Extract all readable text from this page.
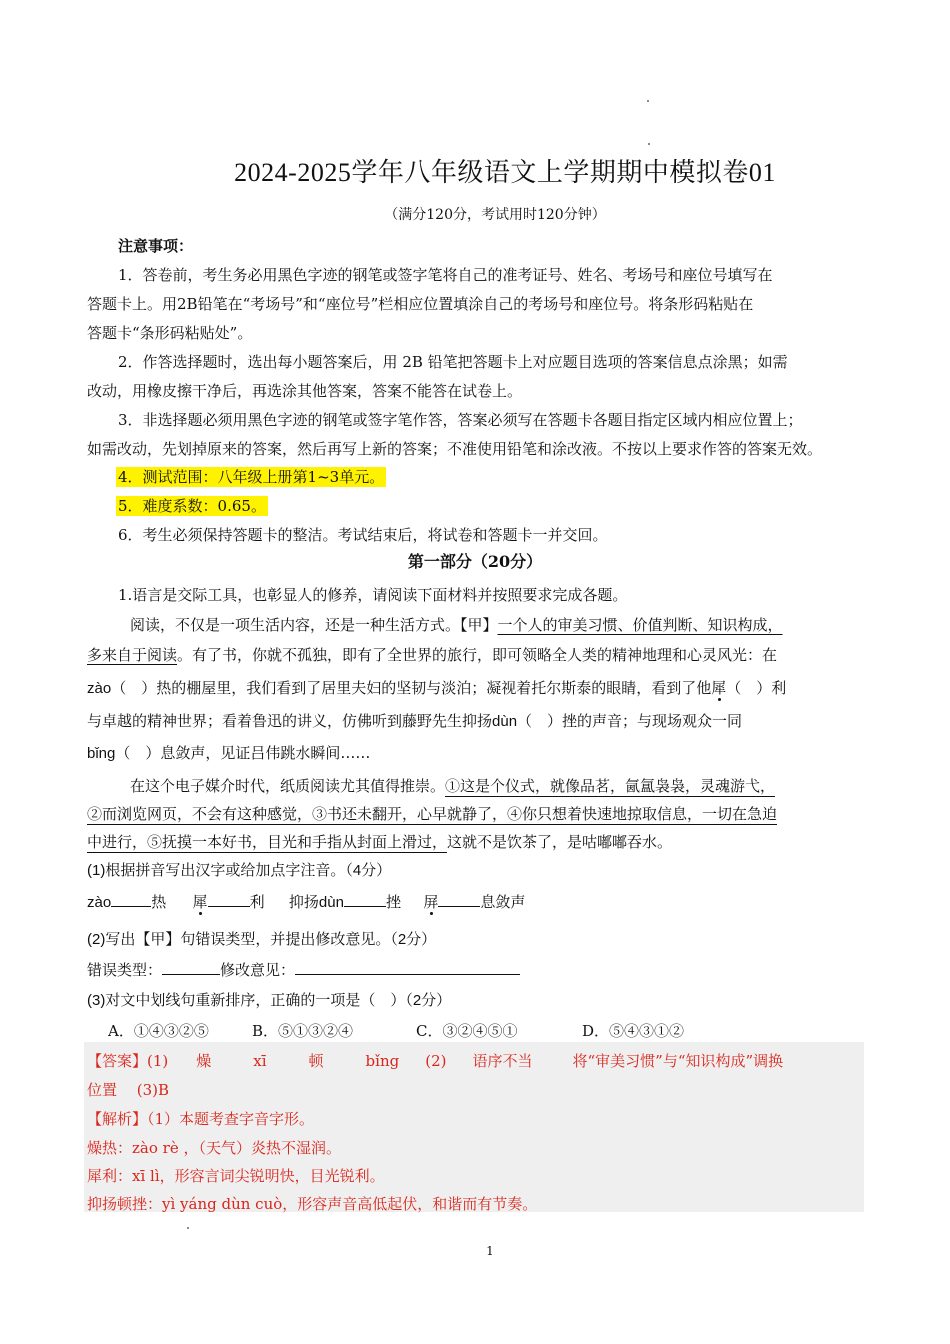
2024-2025学年八年级语文上学期期中模拟卷01
（满分120分，考试用时120分钟）
注意事项：
1．答卷前，考生务必用黑色字迹的钢笔或签字笔将自己的准考证号、姓名、考场号和座位号填写在
答题卡上。用2B铅笔在“考场号”和“座位号”栏相应位置填涂自己的考场号和座位号。将条形码粘贴在
答题卡“条形码粘贴处”。
2．作答选择题时，选出每小题答案后，用 2B 铅笔把答题卡上对应题目选项的答案信息点涂黑；如需
改动，用橡皮擦干净后，再选涂其他答案，答案不能答在试卷上。
3．非选择题必须用黑色字迹的钢笔或签字笔作答，答案必须写在答题卡各题目指定区域内相应位置上；
如需改动，先划掉原来的答案，然后再写上新的答案；不准使用铅笔和涂改液。不按以上要求作答的答案无效。
4．测试范围：八年级上册第1~3单元。
5．难度系数：0.65。
6．考生必须保持答题卡的整洁。考试结束后，将试卷和答题卡一并交回。
第一部分（20分）
1.语言是交际工具，也彰显人的修养，请阅读下面材料并按照要求完成各题。
阅读，不仅是一项生活内容，还是一种生活方式。【甲】一个人的审美习惯、价值判断、知识构成，
多来自于阅读。有了书，你就不孤独，即有了全世界的旅行，即可领略全人类的精神地理和心灵风光：在
zào（　）热的棚屋里，我们看到了居里夫妇的坚韧与淡泊；凝视着托尔斯泰的眼睛，看到了他犀（　）利
与卓越的精神世界；看着鲁迅的讲义，仿佛听到藤野先生抑扬dùn（　）挫的声音；与现场观众一同
bǐng（　）息敛声，见证吕伟跳水瞬间……
在这个电子媒介时代，纸质阅读尤其值得推崇。①这是个仪式，就像品茗，氤氲袅袅，灵魂游弋，
②而浏览网页，不会有这种感觉，③书还未翻开，心早就静了，④你只想着快速地掠取信息，一切在急迫
中进行，⑤抚摸一本好书，目光和手指从封面上滑过，这就不是饮茶了，是咕嘟嘟吞水。
(1)根据拼音写出汉字或给加点字注音。（4分）
zào	热 犀	利 抑扬dùn	挫 屏	息敛声
(2)写出【甲】句错误类型，并提出修改意见。（2分）
错误类型：	修改意见：
(3)对文中划线句重新排序，正确的一项是（　）（2分）
A．①④③②⑤	B．⑤①③②④	C．③②④⑤①	D．⑤④③①②
【答案】(1) 燥	xī	顿	bǐng (2) 语序不当	将“审美习惯”与“知识构成”调换
位置　 (3)B
【解析】（1）本题考查字音字形。
燥热：zào rè ，（天气）炎热不湿润。
犀利：xī lì，形容言词尖锐明快，目光锐利。
抑扬顿挫：yì yáng dùn cuò，形容声音高低起伏，和谐而有节奏。
1
